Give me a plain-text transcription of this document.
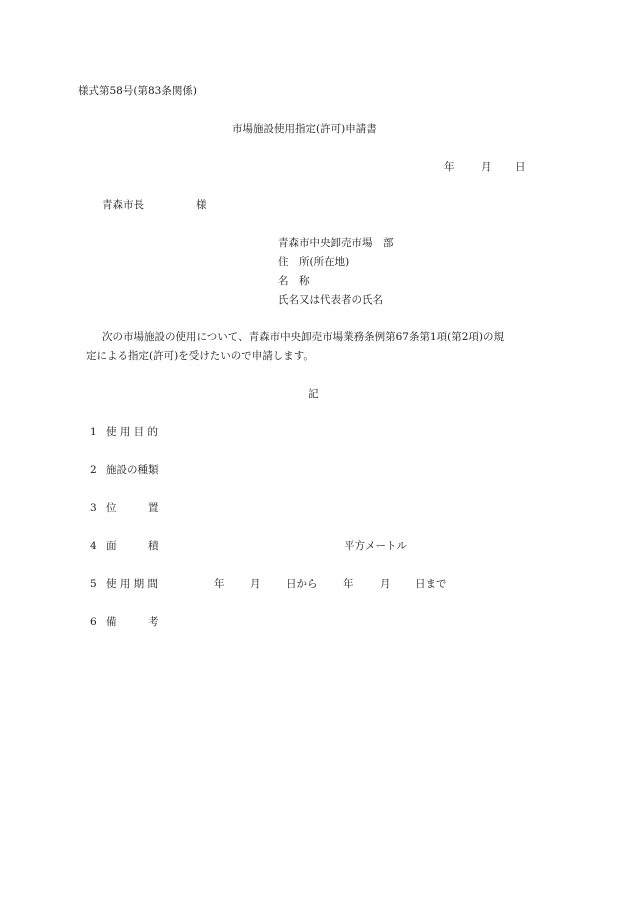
様式第58号(第83条関係)
市場施設使用指定(許可)申請書
年	月 日
青森市長	様
青森市中央卸売市場　部
住　所(所在地)
名　称
氏名又は代表者の氏名
次の市場施設の使用について、青森市中央卸売市場業務条例第67条第1項(第2項)の規
定による指定(許可)を受けたいので申請します。
記
1 使 用 目 的
2 施設の種類
3 位　　　置
4 面　　　積	平方メートル
5 使 用 期 間	年 月 日から 年	月 日まで
6 備　　　考
